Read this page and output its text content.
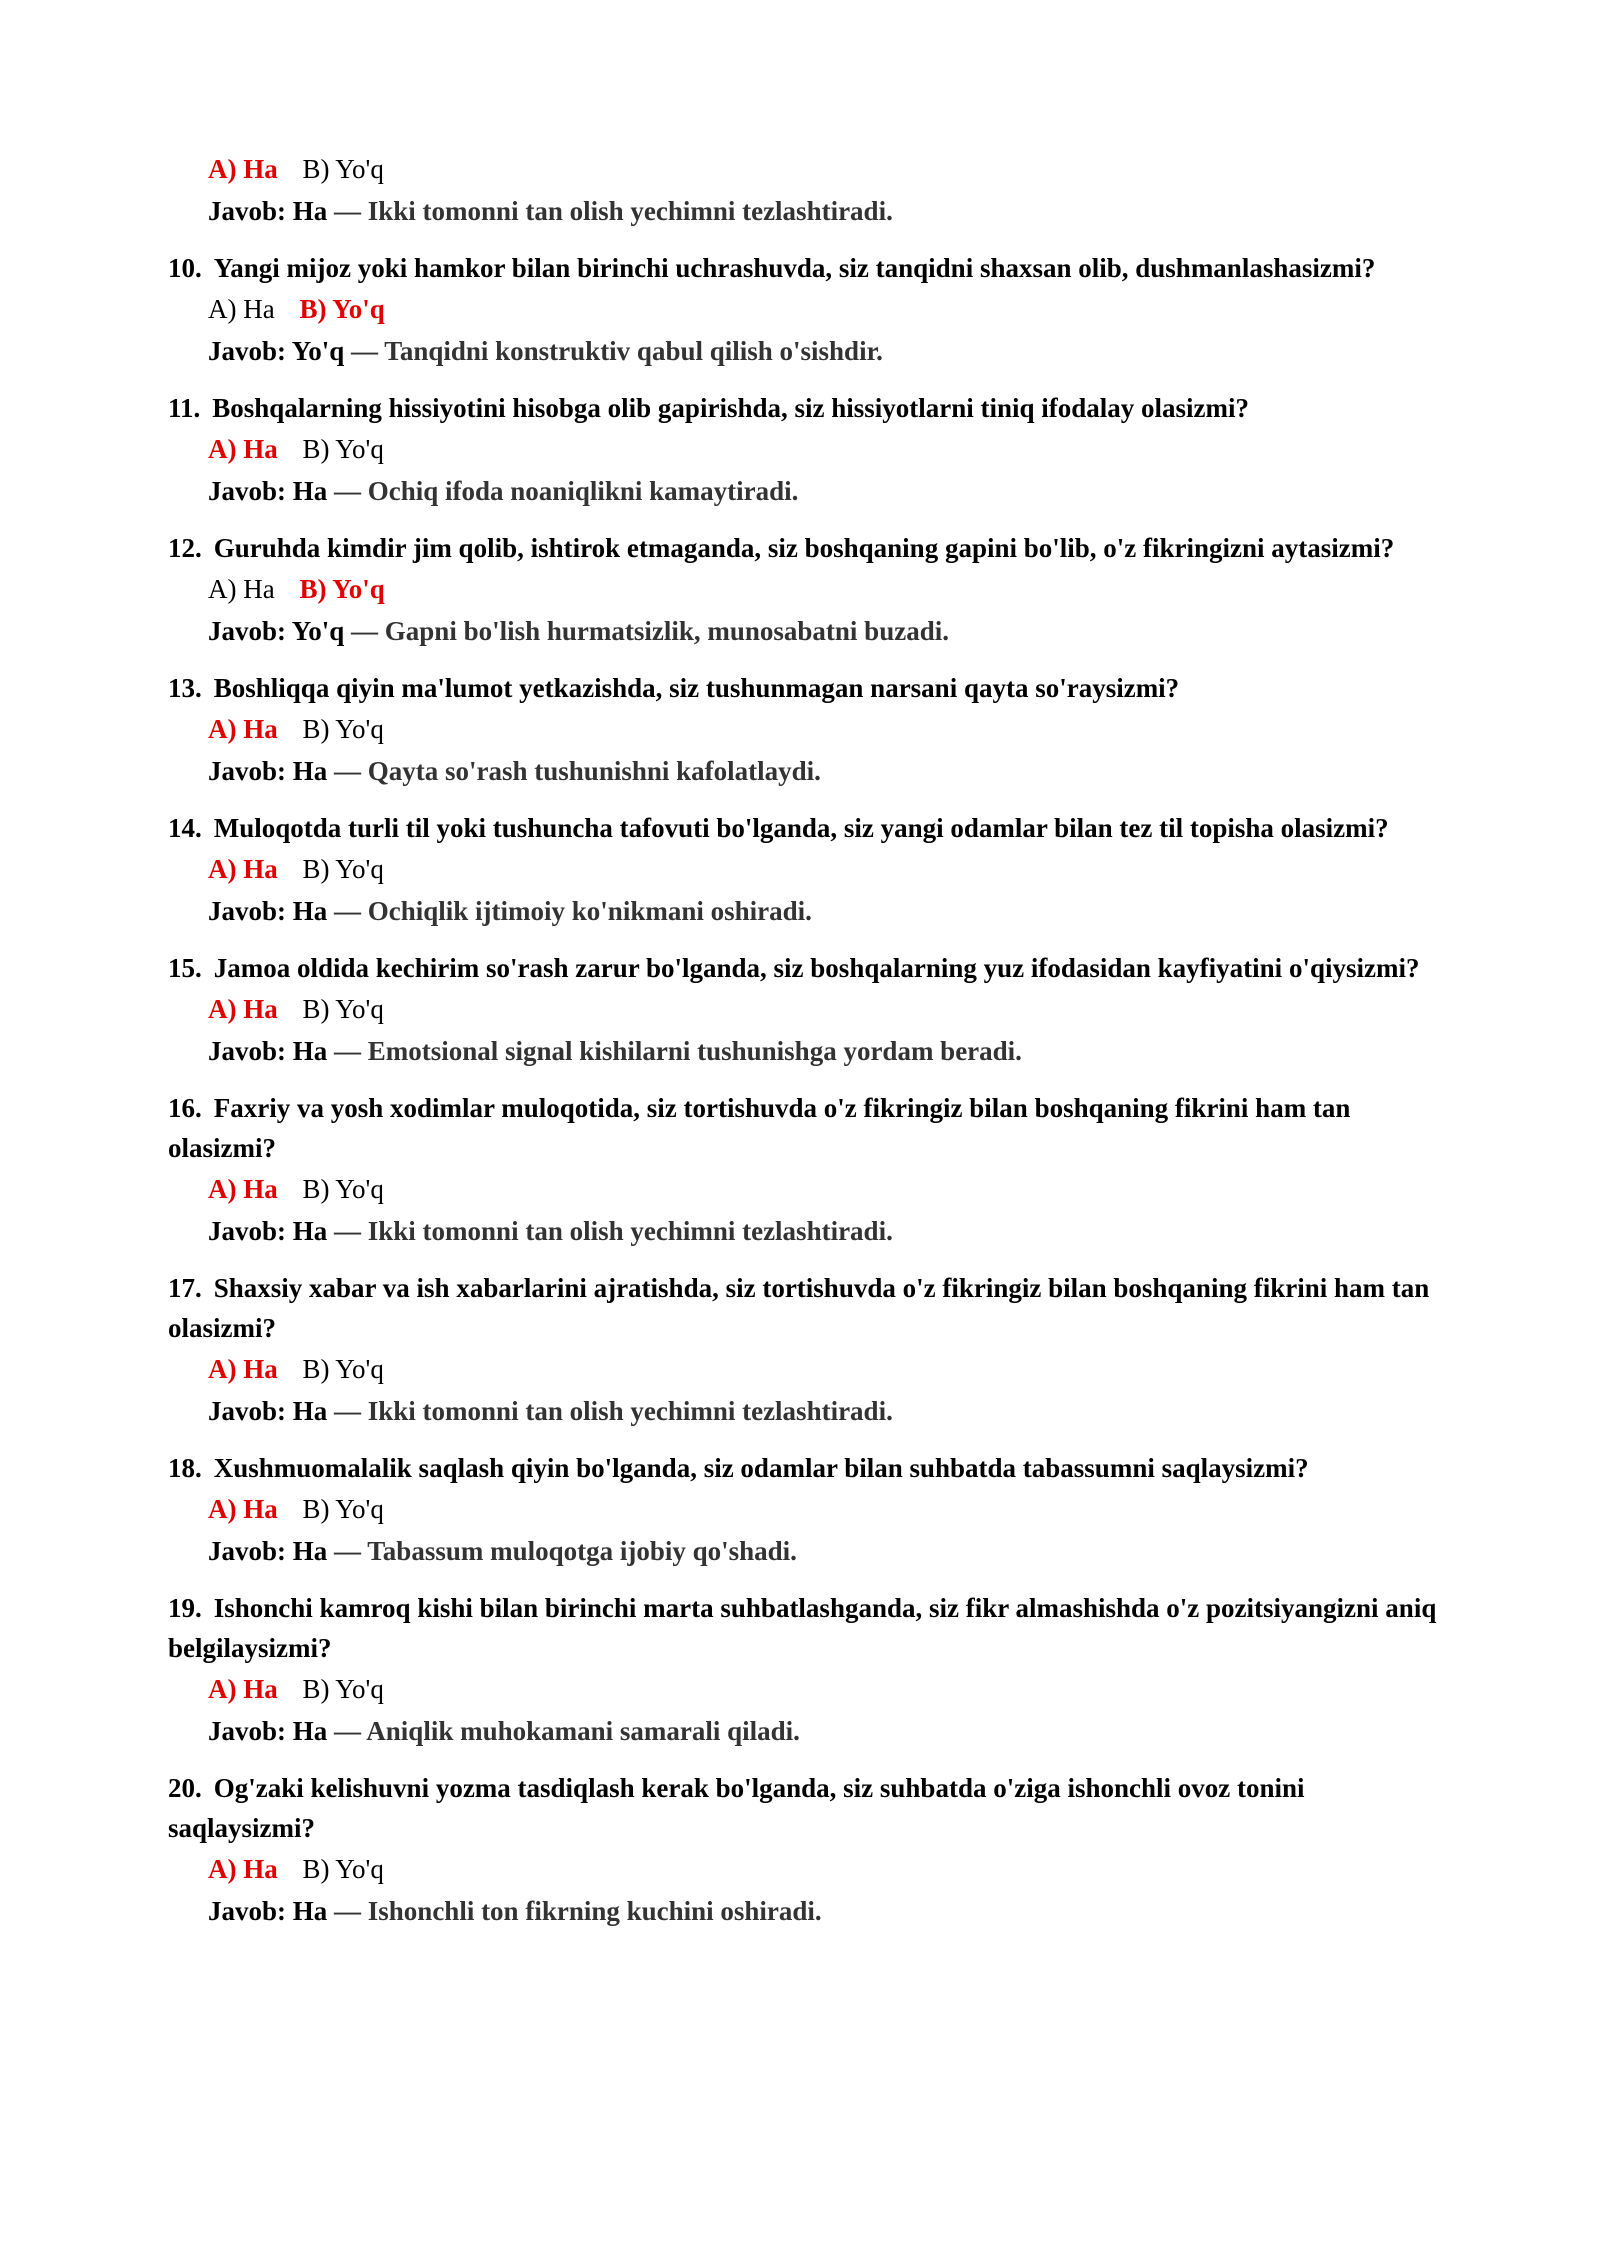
A) Ha B) Yo'q
Javob: Ha — Ikki tomonni tan olish yechimni tezlashtiradi.

10. Yangi mijoz yoki hamkor bilan birinchi uchrashuvda, siz tanqidni shaxsan olib, dushmanlashasizmi?

A) Ha B) Yo'q
Javob: Yo'q — Tanqidni konstruktiv qabul qilish o'sishdir.

11. Boshqalarning hissiyotini hisobga olib gapirishda, siz hissiyotlarni tiniq ifodalay olasizmi?

A) Ha B) Yo'q
Javob: Ha — Ochiq ifoda noaniqlikni kamaytiradi.

12. Guruhda kimdir jim qolib, ishtirok etmaganda, siz boshqaning gapini bo'lib, o'z fikringizni aytasizmi?

A) Ha B) Yo'q
Javob: Yo'q — Gapni bo'lish hurmatsizlik, munosabatni buzadi.

13. Boshliqqa qiyin ma'lumot yetkazishda, siz tushunmagan narsani qayta so'raysizmi?

A) Ha B) Yo'q
Javob: Ha — Qayta so'rash tushunishni kafolatlaydi.

14. Muloqotda turli til yoki tushuncha tafovuti bo'lganda, siz yangi odamlar bilan tez til topisha olasizmi?

A) Ha B) Yo'q
Javob: Ha — Ochiqlik ijtimoiy ko'nikmani oshiradi.

15. Jamoa oldida kechirim so'rash zarur bo'lganda, siz boshqalarning yuz ifodasidan kayfiyatini o'qiysizmi?

A) Ha B) Yo'q
Javob: Ha — Emotsional signal kishilarni tushunishga yordam beradi.

16. Faxriy va yosh xodimlar muloqotida, siz tortishuvda o'z fikringiz bilan boshqaning fikrini ham tan olasizmi?

A) Ha B) Yo'q
Javob: Ha — Ikki tomonni tan olish yechimni tezlashtiradi.

17. Shaxsiy xabar va ish xabarlarini ajratishda, siz tortishuvda o'z fikringiz bilan boshqaning fikrini ham tan olasizmi?

A) Ha B) Yo'q
Javob: Ha — Ikki tomonni tan olish yechimni tezlashtiradi.

18. Xushmuomalalik saqlash qiyin bo'lganda, siz odamlar bilan suhbatda tabassumni saqlaysizmi?

A) Ha B) Yo'q
Javob: Ha — Tabassum muloqotga ijobiy qo'shadi.

19. Ishonchi kamroq kishi bilan birinchi marta suhbatlashganda, siz fikr almashishda o'z pozitsiyangizni aniq belgilaysizmi?

A) Ha B) Yo'q
Javob: Ha — Aniqlik muhokamani samarali qiladi.

20. Og'zaki kelishuvni yozma tasdiqlash kerak bo'lganda, siz suhbatda o'ziga ishonchli ovoz tonini saqlaysizmi?

A) Ha B) Yo'q
Javob: Ha — Ishonchli ton fikrning kuchini oshiradi.
